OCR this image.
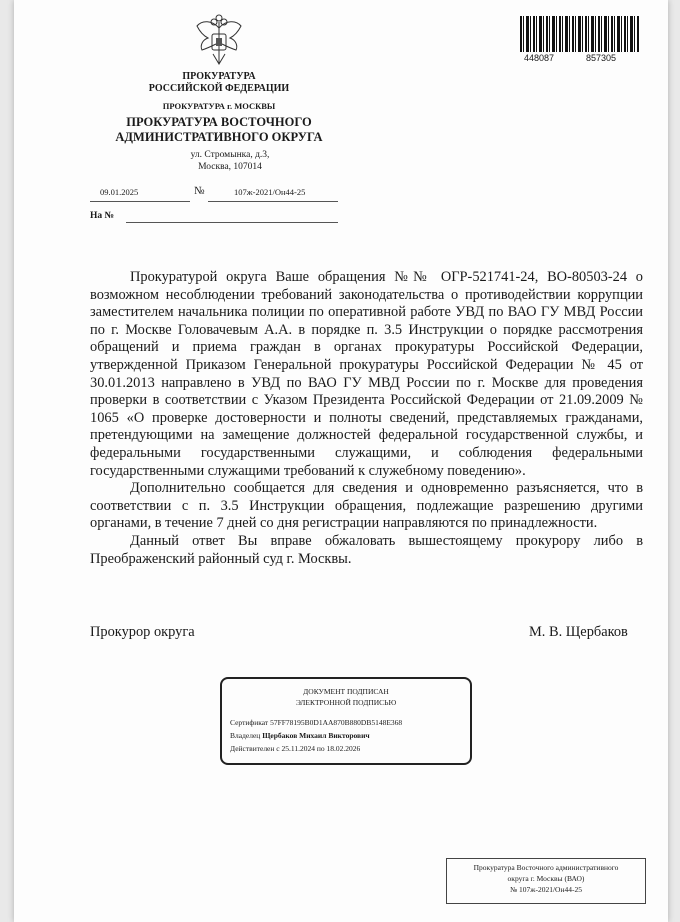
ПРОКУРАТУРА
РОССИЙСКОЙ ФЕДЕРАЦИИ
ПРОКУРАТУРА г. МОСКВЫ
ПРОКУРАТУРА ВОСТОЧНОГО
АДМИНИСТРАТИВНОГО ОКРУГА
ул. Стромынка, д.3,
Москва, 107014
09.01.2025	№	107ж-2021/Он44-25
На №
448087	857305

Прокуратурой округа Ваше обращения №№ ОГР-521741-24, ВО-80503-24 о возможном несоблюдении требований законодательства о противодействии коррупции заместителем начальника полиции по оперативной работе УВД по ВАО ГУ МВД России по г. Москве Головачевым А.А. в порядке п. 3.5 Инструкции о порядке рассмотрения обращений и приема граждан в органах прокуратуры Российской Федерации, утвержденной Приказом Генеральной прокуратуры Российской Федерации № 45 от 30.01.2013 направлено в УВД по ВАО ГУ МВД России по г. Москве для проведения проверки в соответствии с Указом Президента Российской Федерации от 21.09.2009 № 1065 «О проверке достоверности и полноты сведений, представляемых гражданами, претендующими на замещение должностей федеральной государственной службы, и федеральными государственными служащими, и соблюдения федеральными государственными служащими требований к служебному поведению».

Дополнительно сообщается для сведения и одновременно разъясняется, что в соответствии с п. 3.5 Инструкции обращения, подлежащие разрешению другими органами, в течение 7 дней со дня регистрации направляются по принадлежности.

Данный ответ Вы вправе обжаловать вышестоящему прокурору либо в Преображенский районный суд г. Москвы.

Прокурор округа	М. В. Щербаков
ДОКУМЕНТ ПОДПИСАН
ЭЛЕКТРОННОЙ ПОДПИСЬЮ
Сертификат 57FF78195B0D1AA870B880DB5148E368
Владелец Щербаков Михаил Викторович
Действителен с 25.11.2024 по 18.02.2026
Прокуратура Восточного административного
округа г. Москвы (ВАО)
№ 107ж-2021/Он44-25
